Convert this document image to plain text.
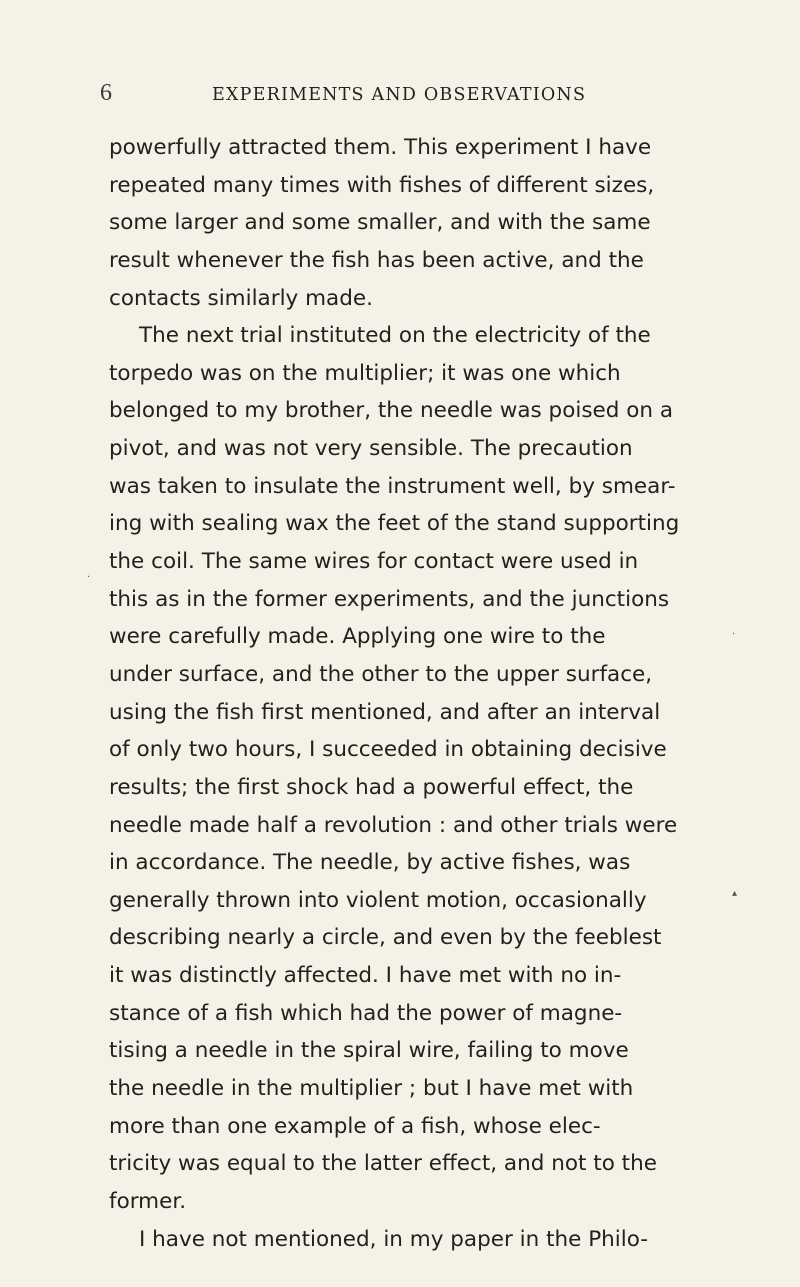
6	EXPERIMENTS AND OBSERVATIONS
powerfully attracted them. This experiment I have
repeated many times with fishes of different sizes,
some larger and some smaller, and with the same
result whenever the fish has been active, and the
contacts similarly made.
The next trial instituted on the electricity of the
torpedo was on the multiplier; it was one which
belonged to my brother, the needle was poised on a
pivot, and was not very sensible. The precaution
was taken to insulate the instrument well, by smear-
ing with sealing wax the feet of the stand supporting
the coil. The same wires for contact were used in
this as in the former experiments, and the junctions
were carefully made. Applying one wire to the
under surface, and the other to the upper surface,
using the fish first mentioned, and after an interval
of only two hours, I succeeded in obtaining decisive
results; the first shock had a powerful effect, the
needle made half a revolution : and other trials were
in accordance. The needle, by active fishes, was
generally thrown into violent motion, occasionally
describing nearly a circle, and even by the feeblest
it was distinctly affected. I have met with no in-
stance of a fish which had the power of magne-
tising a needle in the spiral wire, failing to move
the needle in the multiplier ; but I have met with
more than one example of a fish, whose elec-
tricity was equal to the latter effect, and not to the
former.
I have not mentioned, in my paper in the Philo-
·
.
▴
